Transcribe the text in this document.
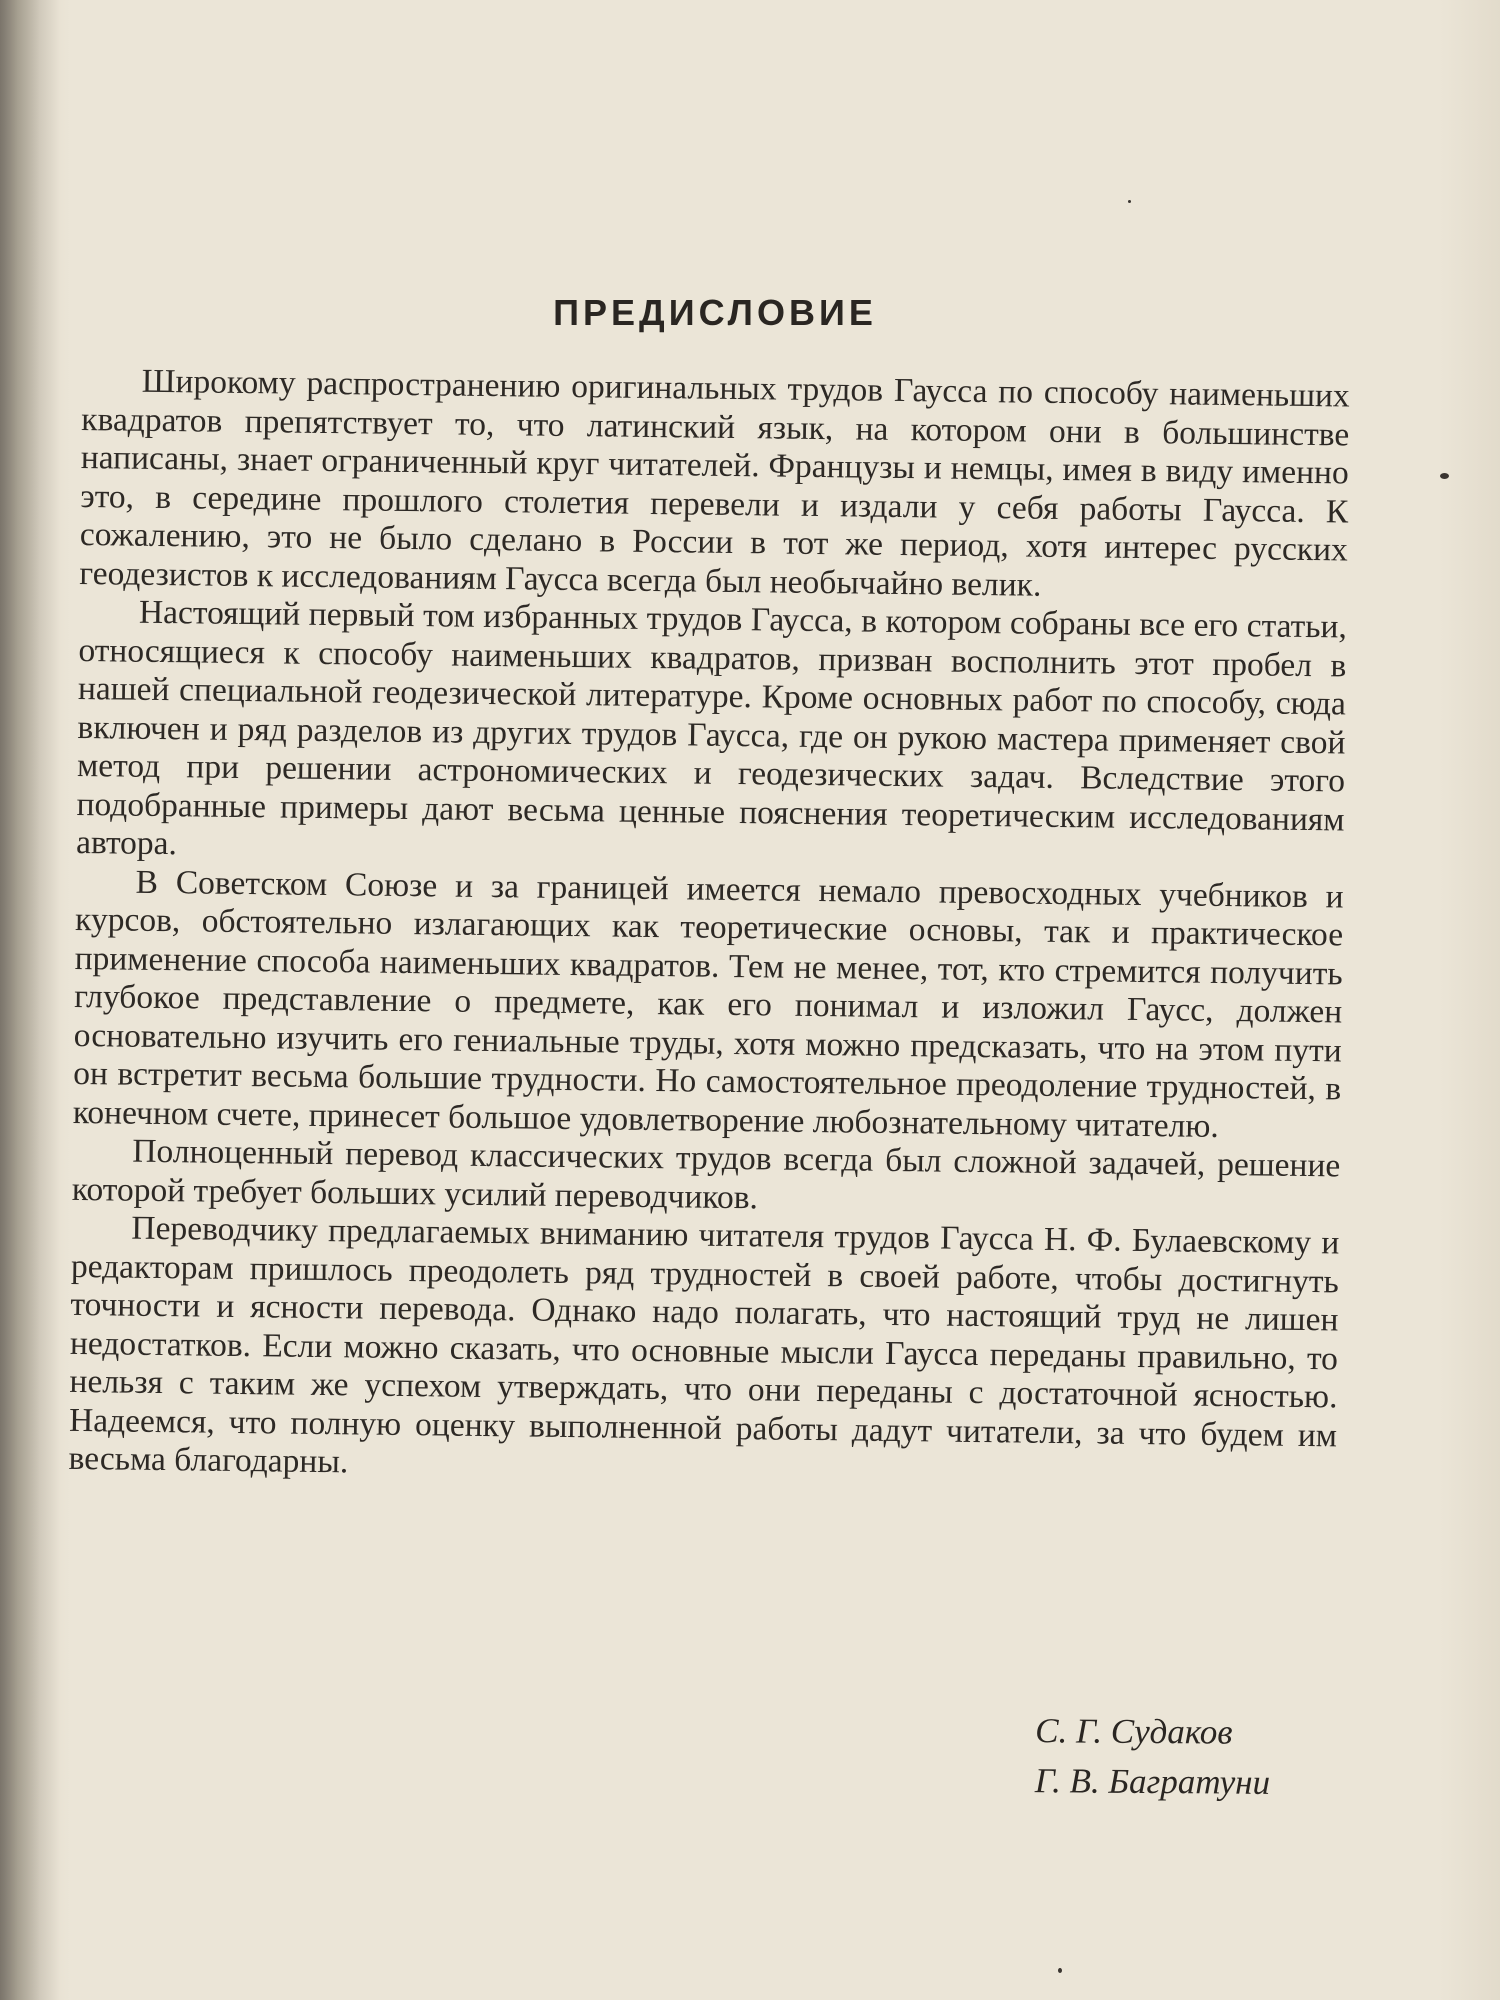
ПРЕДИСЛОВИЕ

Широкому распространению оригинальных трудов Гаусса по способу наименьших квадратов препятствует то, что латинский язык, на котором они в большинстве написаны, знает ограниченный круг читателей. Французы и немцы, имея в виду именно это, в середине прошлого столетия перевели и издали у себя работы Гаусса. К сожалению, это не было сделано в России в тот же период, хотя интерес русских геодезистов к исследованиям Гаусса всегда был необычайно велик.

Настоящий первый том избранных трудов Гаусса, в котором собраны все его статьи, относящиеся к способу наименьших квадратов, призван восполнить этот пробел в нашей специальной геодезической литературе. Кроме основных работ по способу, сюда включен и ряд разделов из других трудов Гаусса, где он рукою мастера применяет свой метод при решении астрономических и геодезических задач. Вследствие этого подобранные примеры дают весьма ценные пояснения теоретическим исследованиям автора.

В Советском Союзе и за границей имеется немало превосходных учебников и курсов, обстоятельно излагающих как теоретические основы, так и практическое применение способа наименьших квадратов. Тем не менее, тот, кто стремится получить глубокое представление о предмете, как его понимал и изложил Гаусс, должен основательно изучить его гениальные труды, хотя можно предсказать, что на этом пути он встретит весьма большие трудности. Но самостоятельное преодоление трудностей, в конечном счете, принесет большое удовлетворение любознательному читателю.

Полноценный перевод классических трудов всегда был сложной задачей, решение которой требует больших усилий переводчиков.

Переводчику предлагаемых вниманию читателя трудов Гаусса Н. Ф. Булаевскому и редакторам пришлось преодолеть ряд трудностей в своей работе, чтобы достигнуть точности и ясности перевода. Однако надо полагать, что настоящий труд не лишен недостатков. Если можно сказать, что основные мысли Гаусса переданы правильно, то нельзя с таким же успехом утверждать, что они переданы с достаточной ясностью. Надеемся, что полную оценку выполненной работы дадут читатели, за что будем им весьма благодарны.

С. Г. Судаков
Г. В. Багратуни
